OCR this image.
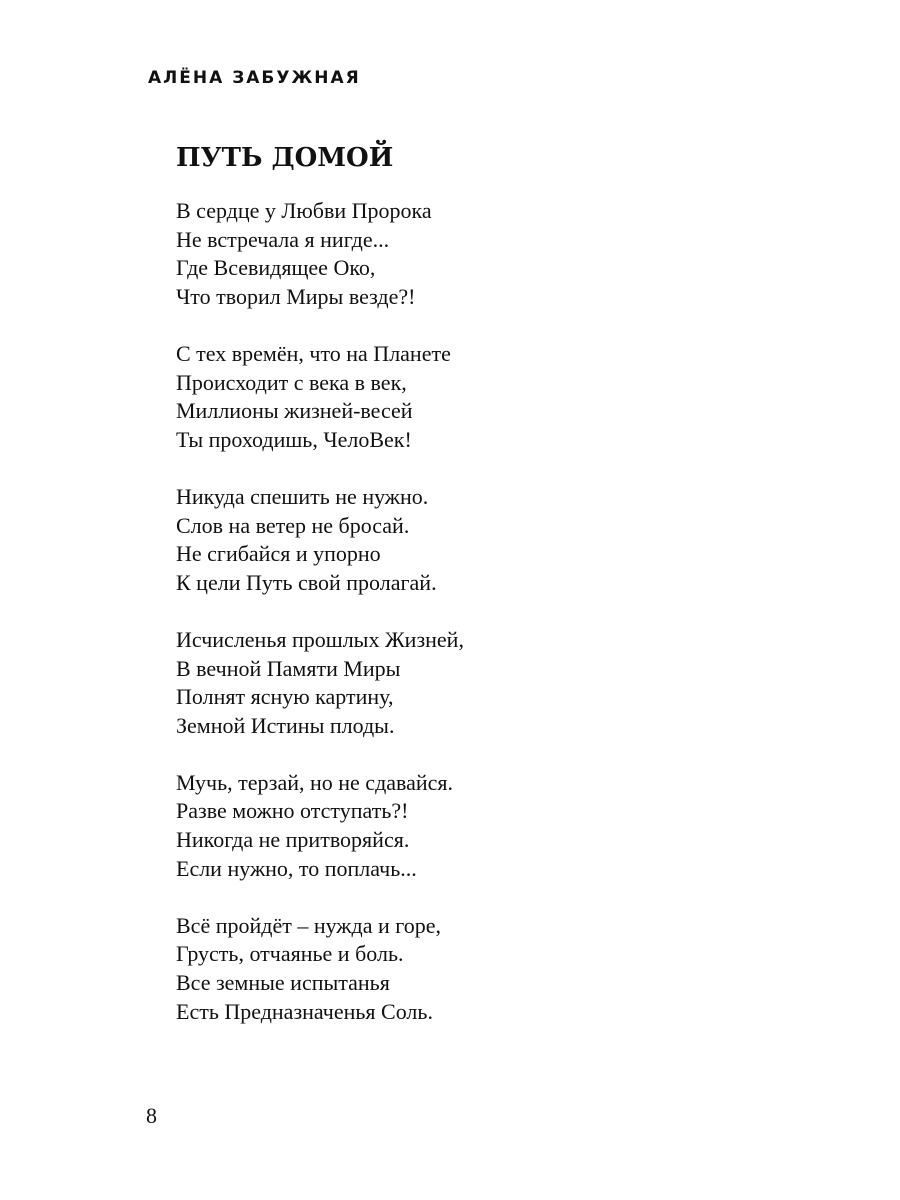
АЛЁНА ЗАБУЖНАЯ
ПУТЬ ДОМОЙ
В сердце у Любви Пророка
Не встречала я нигде...
Где Всевидящее Око,
Что творил Миры везде?!
С тех времён, что на Планете
Происходит с века в век,
Миллионы жизней-весей
Ты проходишь, ЧелоВек!
Никуда спешить не нужно.
Слов на ветер не бросай.
Не сгибайся и упорно
К цели Путь свой пролагай.
Исчисленья прошлых Жизней,
В вечной Памяти Миры
Полнят ясную картину,
Земной Истины плоды.
Мучь, терзай, но не сдавайся.
Разве можно отступать?!
Никогда не притворяйся.
Если нужно, то поплачь...
Всё пройдёт – нужда и горе,
Грусть, отчаянье и боль.
Все земные испытанья
Есть Предназначенья Соль.
8
